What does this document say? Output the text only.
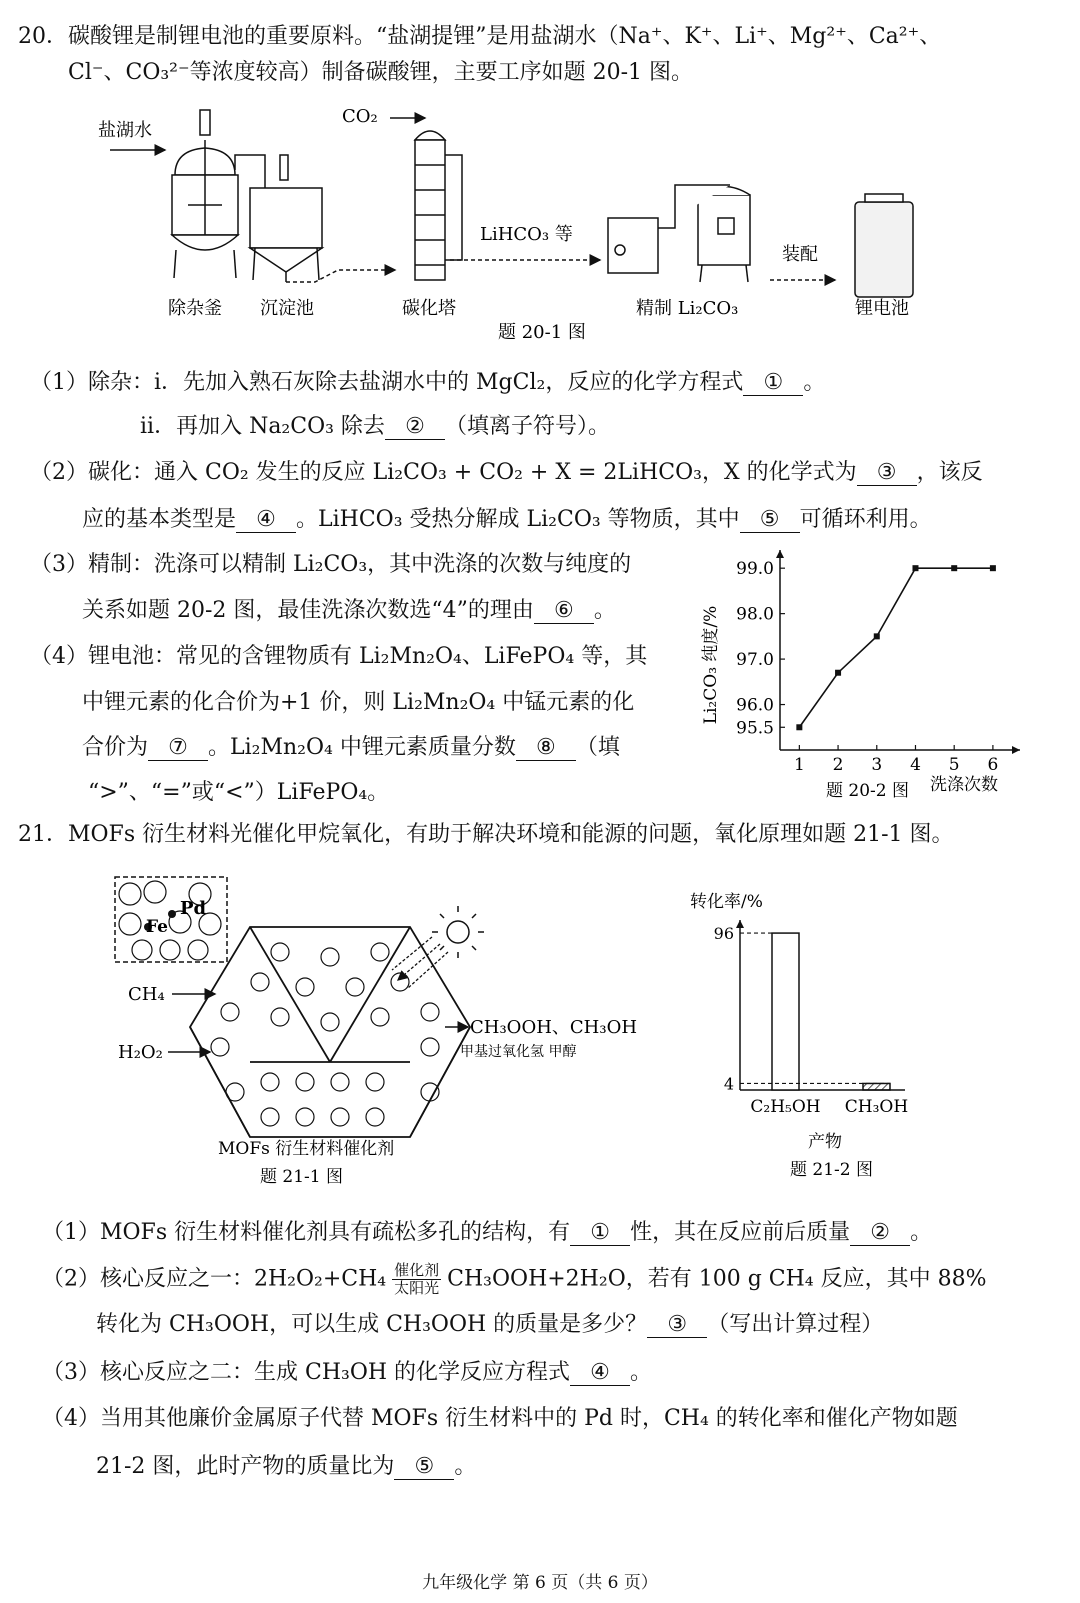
20．碳酸锂是制锂电池的重要原料。“盐湖提锂”是用盐湖水（Na⁺、K⁺、Li⁺、Mg²⁺、Ca²⁺、
Cl⁻、CO₃²⁻等浓度较高）制备碳酸锂，主要工序如题 20-1 图。
盐湖水
CO₂
LiHCO₃ 等
装配
除杂釜 沉淀池	碳化塔	精制 Li₂CO₃	锂电池
题 20-1 图
（1）除杂：i．先加入熟石灰除去盐湖水中的 MgCl₂，反应的化学方程式 ① 。
ii．再加入 Na₂CO₃ 除去 ② （填离子符号）。
（2）碳化：通入 CO₂ 发生的反应 Li₂CO₃ + CO₂ + X = 2LiHCO₃，X 的化学式为 ③ ，该反
应的基本类型是 ④ 。LiHCO₃ 受热分解成 Li₂CO₃ 等物质，其中 ⑤ 可循环利用。
（3）精制：洗涤可以精制 Li₂CO₃，其中洗涤的次数与纯度的
关系如题 20-2 图，最佳洗涤次数选“4”的理由 ⑥ 。
（4）锂电池：常见的含锂物质有 Li₂Mn₂O₄、LiFePO₄ 等，其
中锂元素的化合价为+1 价，则 Li₂Mn₂O₄ 中锰元素的化
合价为 ⑦ 。Li₂Mn₂O₄ 中锂元素质量分数 ⑧ （填
“>”、“=”或“<”）LiFePO₄。
Li₂CO₃ 纯度/%
95.5
96.0
97.0
98.0
99.0
1 2 3 4 5 6
洗涤次数
题 20-2 图
21．MOFs 衍生材料光催化甲烷氧化，有助于解决环境和能源的问题，氧化原理如题 21-1 图。
Pd
Fe
CH₄
H₂O₂
CH₃OOH、CH₃OH
甲基过氧化氢 甲醇
MOFs 衍生材料催化剂
题 21-1 图
转化率/%
96
C₂H₅OH
4
CH₃OH
产物
题 21-2 图
（1）MOFs 衍生材料催化剂具有疏松多孔的结构，有 ① 性，其在反应前后质量 ② 。
（2）核心反应之一：$2H_2O_2+CH_4 \frac{\text{催化剂}}{\text{太阳光}} CH_3OOH+2H_2O$，若有 100 g CH₄ 反应，其中 88%
转化为 CH₃OOH，可以生成 CH₃OOH 的质量是多少？ ③ （写出计算过程）
（3）核心反应之二：生成 CH₃OH 的化学反应方程式 ④ 。
（4）当用其他廉价金属原子代替 MOFs 衍生材料中的 Pd 时，CH₄ 的转化率和催化产物如题
21-2 图，此时产物的质量比为 ⑤ 。
九年级化学 第 6 页（共 6 页）
